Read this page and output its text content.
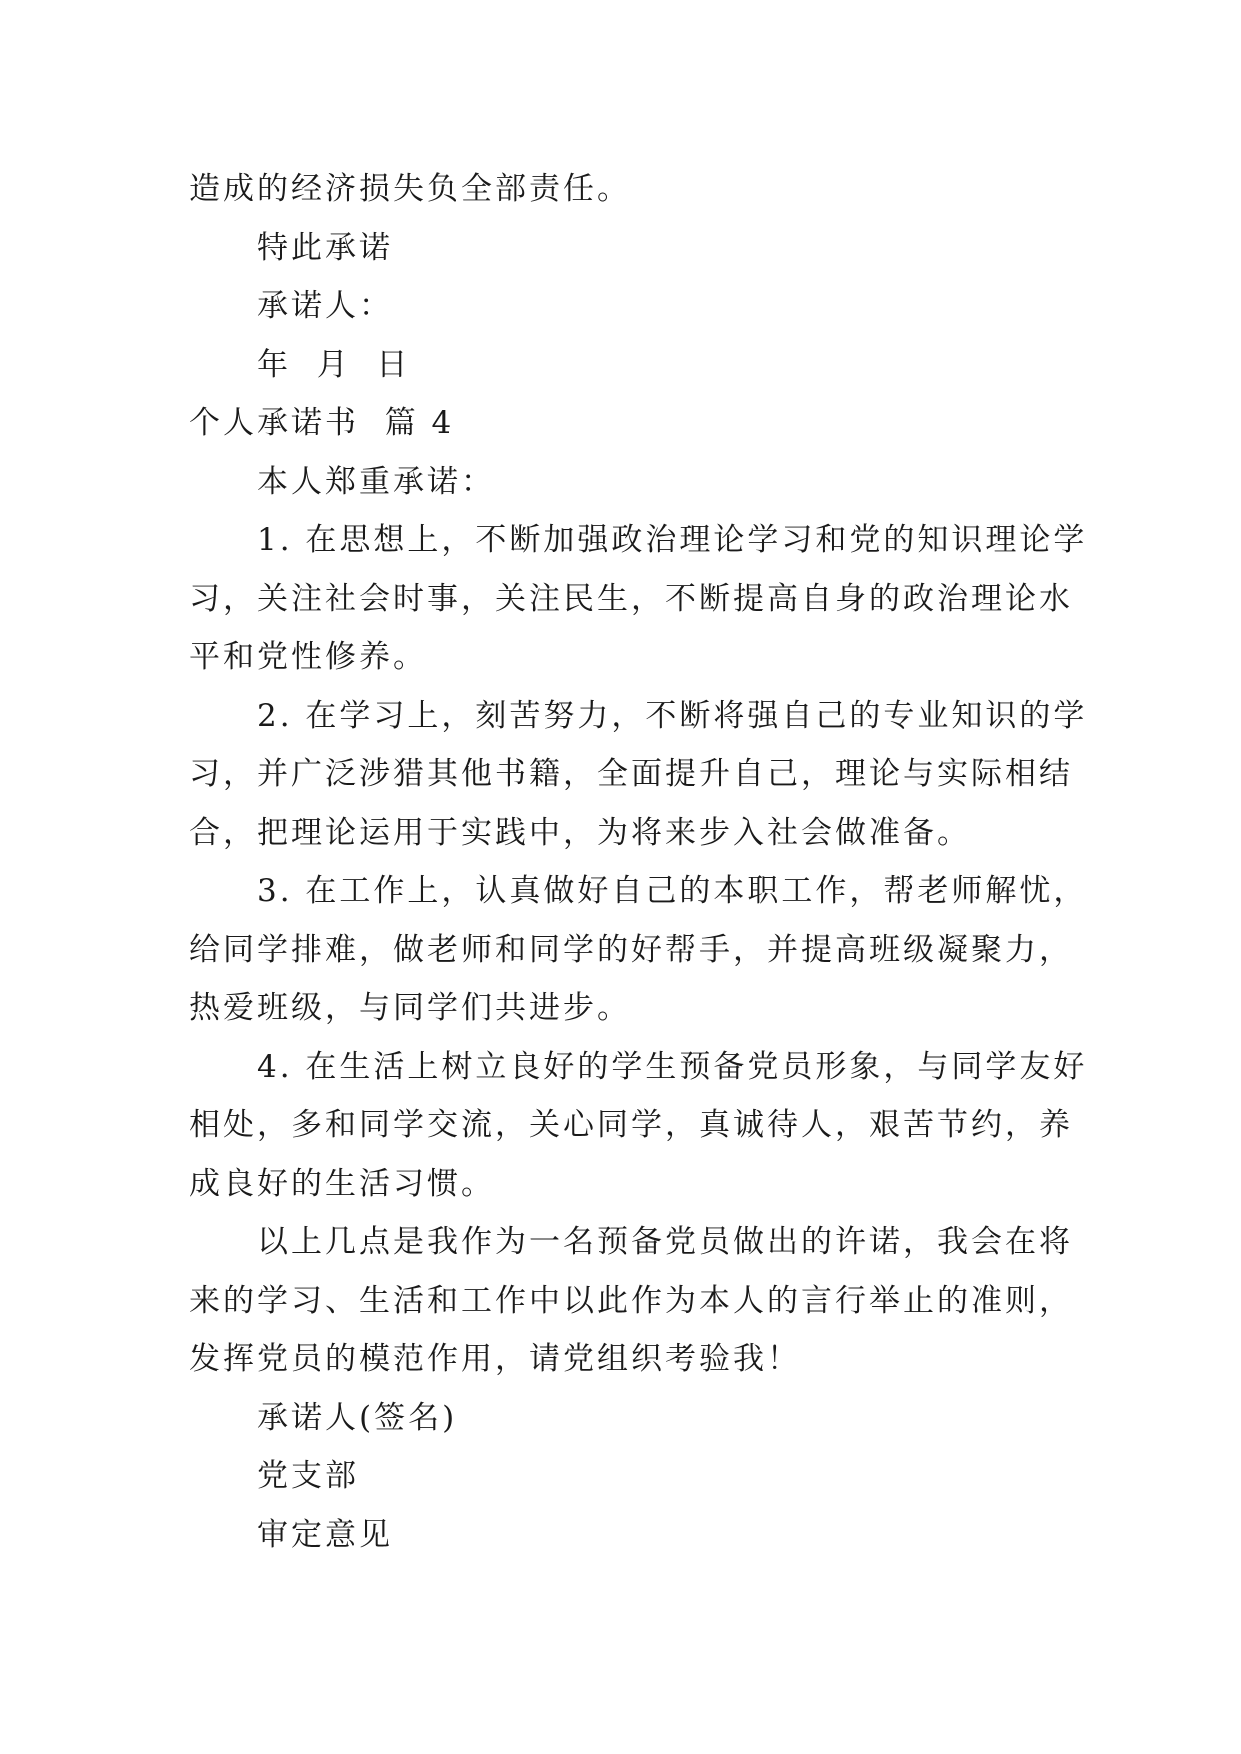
造成的经济损失负全部责任。

特此承诺

承诺人：

年  月  日

个人承诺书  篇 4

本人郑重承诺：

1. 在思想上，不断加强政治理论学习和党的知识理论学

习，关注社会时事，关注民生，不断提高自身的政治理论水

平和党性修养。

2. 在学习上，刻苦努力，不断将强自己的专业知识的学

习，并广泛涉猎其他书籍，全面提升自己，理论与实际相结

合，把理论运用于实践中，为将来步入社会做准备。

3. 在工作上，认真做好自己的本职工作，帮老师解忧，

给同学排难，做老师和同学的好帮手，并提高班级凝聚力，

热爱班级，与同学们共进步。

4. 在生活上树立良好的学生预备党员形象，与同学友好

相处，多和同学交流，关心同学，真诚待人，艰苦节约，养

成良好的生活习惯。

以上几点是我作为一名预备党员做出的许诺，我会在将

来的学习、生活和工作中以此作为本人的言行举止的准则，

发挥党员的模范作用，请党组织考验我！

承诺人(签名)

党支部

审定意见
